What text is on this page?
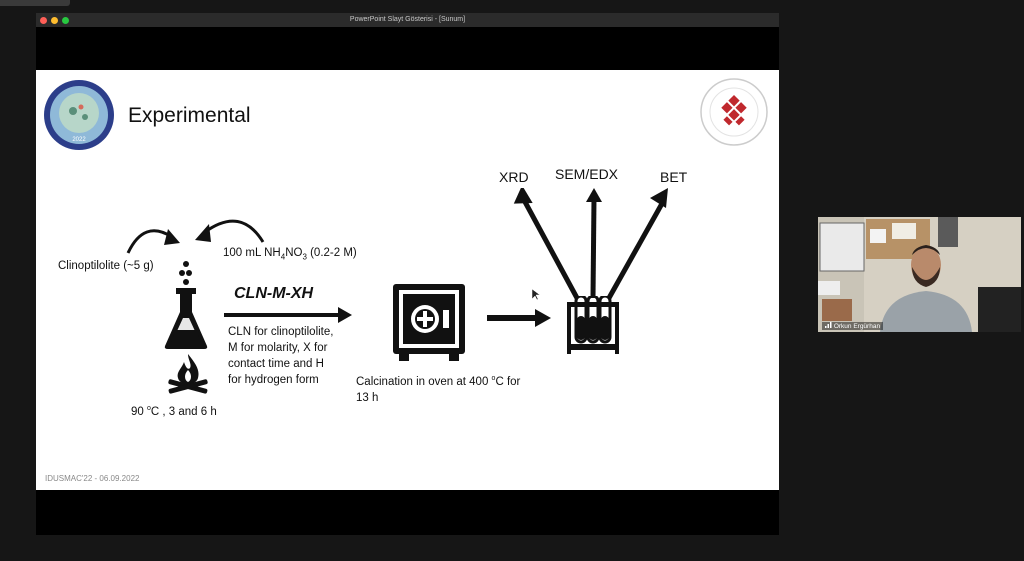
PowerPoint Slayt Gösterisi - [Sunum]
2022
Experimental
Clinoptilolite (~5 g)
100 mL $NH_4NO_3$ (0.2-2 M)
90 $^o$C , 3 and 6 h
CLN-M-XH
CLN for clinoptilolite,
M for molarity, X for
contact time and H
for hydrogen form	Calcination in oven at 400 $^o$C for
13 h
XRD SEM/EDX	BET
IDUSMAC'22 - 06.09.2022
Orkun Ergürhan
